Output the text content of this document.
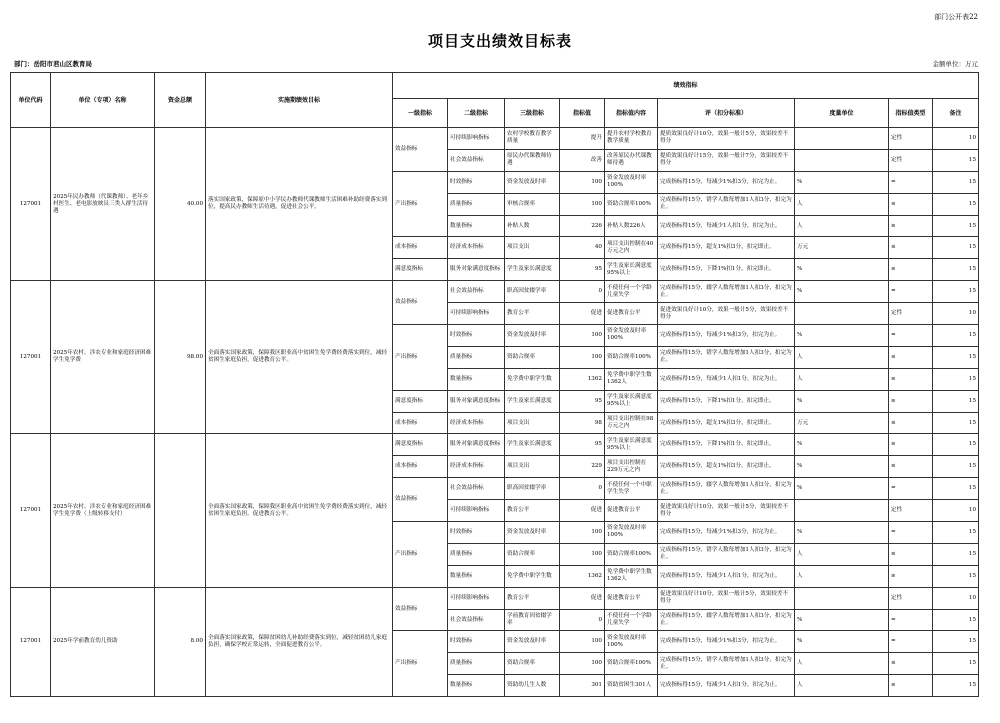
部门公开表22
项目支出绩效目标表
部门：岳阳市君山区教育局	金额单位：万元
单位代码	单位（专项）名称	资金总额	实施期绩效目标	绩效指标								
				一级指标	二级指标	三级指标	指标值	指标值内容	评（扣分标准）	度量单位	指标值类型	备注
127001	2025年民办教师（代课教师）、老年乡村医生、老电影放映员三类人群生活待遇	40.00	落实国家政策，保障原中小学民办教师代课教师生活困难补助经费落实到位，提高民办教师生活待遇，促进社会公平。	效益指标	可持续影响指标	农村学校教育教学质量	提升	提升农村学校教育教学质量	提质效果良好计10分，效果一般计5分，效果较差不得分		定性	10
					社会效益指标	原民办代课教师待遇	改善	改善原民办代课教师待遇	提质效果良好计15分，效果一般计7分，效果较差不得分		定性	15
				产出指标	时效指标	资金发放及时率	100	资金发放及时率100%	完成指标得15分，每减少1%扣3分，扣完为止。	%	=	15
					质量指标	审核合规率	100	资助合规率100%	完成指标得15分，错学人数每增加1人扣3分，扣完为止。	人	≤	15
					数量指标	补贴人数	226	补贴人数226人	完成指标得15分，每减少1人扣1分，扣完为止。	人	≥	15
				成本指标	经济成本指标	项目支出	40	项目支出控制在40万元之内	完成指标得15分，超支1%扣3分，扣完即止。	万元	≤	15
				满意度指标	服务对象满意度指标	学生及家长满意度	95	学生及家长满意度95%以上	完成指标得15分，下降1%扣1分，扣完即止。	%	≥	15
127001	2025年农村、涉农专业和家庭经济困难学生免学费	98.00	全面落实国家政策，保障我区职业高中贫困生免学费经费落实到位，减轻贫困生家庭负担，促进教育公平。	效益指标	社会效益指标	职高因贫辍学率	0	不使任何一个学龄儿童失学	完成指标得15分，辍学人数每增加1人扣3分，扣完为止。	%	=	15
					可持续影响指标	教育公平	促进	促进教育公平	促进效果良好计10分，效果一般计5分，效果较差不得分		定性	10
				产出指标	时效指标	资金发放及时率	100	资金发放及时率100%	完成指标得15分，每减少1%扣3分，扣完为止。	%	=	15
					质量指标	资助合规率	100	资助合规率100%	完成指标得15分，错学人数每增加1人扣3分，扣完为止。	人	≤	15
					数量指标	免学费中职学生数	1362	免学费中职学生数1362人	完成指标得15分，每减少1人扣1分，扣完为止。	人	≥	15
				满意度指标	服务对象满意度指标	学生及家长满意度	95	学生及家长满意度95%以上	完成指标得15分，下降1%扣1分，扣完即止。	%	≥	15
				成本指标	经济成本指标	项目支出	98	项目支出控制在98万元之内	完成指标得15分，超支1%扣3分，扣完即止。	万元	≤	15
127001	2025年农村、涉农专业和家庭经济困难学生免学费（上级转移支付）		全面落实国家政策，保障我区职业高中贫困生免学费经费落实到位，减轻贫困生家庭负担，促进教育公平。	满意度指标	服务对象满意度指标	学生及家长满意度	95	学生及家长满意度95%以上	完成指标得15分，下降1%扣1分，扣完即止。	%	≥	15
				成本指标	经济成本指标	项目支出	229	项目支出控制在229万元之内	完成指标得15分，超支1%扣3分，扣完即止。	%	≤	15
				效益指标	社会效益指标	职高因贫辍学率	0	不使任何一个中职学生失学	完成指标得15分，辍学人数每增加1人扣3分，扣完为止。	%	=	15
					可持续影响指标	教育公平	促进	促进教育公平	促进效果良好计10分，效果一般计5分，效果较差不得分		定性	10
				产出指标	时效指标	资金发放及时率	100	资金发放及时率100%	完成指标得15分，每减少1%扣3分，扣完为止。	%	=	15
					质量指标	资助合规率	100	资助合规率100%	完成指标得15分，错学人数每增加1人扣3分，扣完为止。	人	≤	15
					数量指标	免学费中职学生数	1362	免学费中职学生数1362人	完成指标得15分，每减少1人扣1分，扣完为止。	人	≥	15
127001	2025年学前教育幼儿资助	8.00	全面落实国家政策，保障贫困幼儿补助经费落实到位，减轻贫困幼儿家庭负担，确保学校正常运转，全面促进教育公平。	效益指标	可持续影响指标	教育公平	促进	促进教育公平	促进效果良好计10分，效果一般计5分，效果较差不得分		定性	10
					社会效益指标	学前教育因贫辍学率	0	不使任何一个学龄儿童失学	完成指标得15分，辍学人数每增加1人扣3分，扣完为止。	%	=	15
				产出指标	时效指标	资金发放及时率	100	资金发放及时率100%	完成指标得15分，每减少1%扣3分，扣完为止。	%	=	15
					质量指标	资助合规率	100	资助合规率100%	完成指标得15分，错学人数每增加1人扣3分，扣完为止。	人	≤	15
					数量指标	资助幼儿生人数	301	资助贫困生301人	完成指标得15分，每减少1人扣1分，扣完为止。	人	≥	15
